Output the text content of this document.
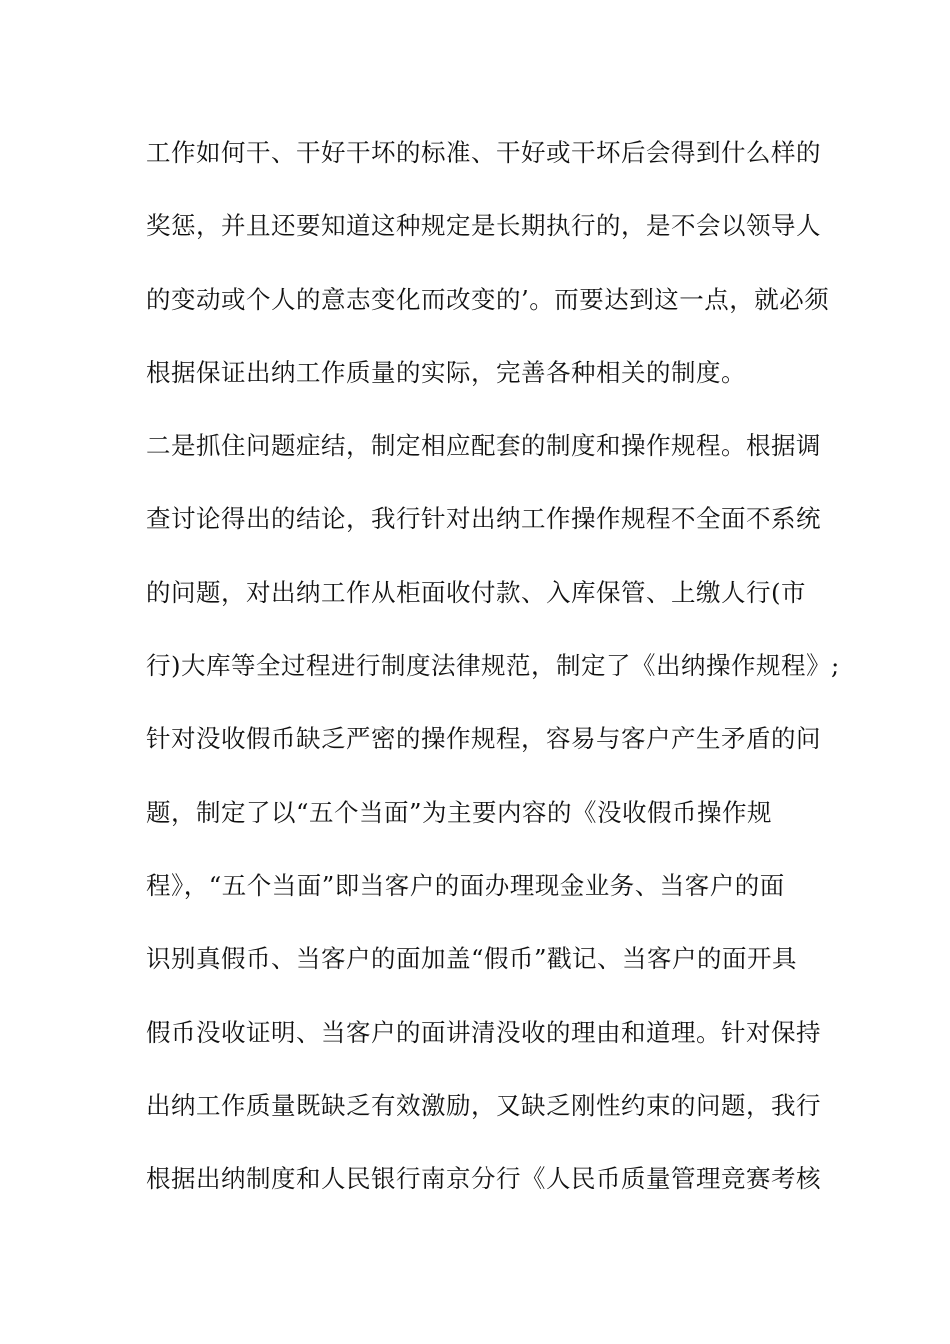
工作如何干、干好干坏的标准、干好或干坏后会得到什么样的
奖惩，并且还要知道这种规定是长期执行的，是不会以领导人
的变动或个人的意志变化而改变的’。而要达到这一点，就必须
根据保证出纳工作质量的实际，完善各种相关的制度。
二是抓住问题症结，制定相应配套的制度和操作规程。根据调
查讨论得出的结论，我行针对出纳工作操作规程不全面不系统
的问题，对出纳工作从柜面收付款、入库保管、上缴人行(市
行)大库等全过程进行制度法律规范，制定了《出纳操作规程》;
针对没收假币缺乏严密的操作规程，容易与客户产生矛盾的问
题，制定了以“五个当面”为主要内容的《没收假币操作规
程》，“五个当面”即当客户的面办理现金业务、当客户的面
识别真假币、当客户的面加盖“假币”戳记、当客户的面开具
假币没收证明、当客户的面讲清没收的理由和道理。针对保持
出纳工作质量既缺乏有效激励，又缺乏刚性约束的问题，我行
根据出纳制度和人民银行南京分行《人民币质量管理竞赛考核
